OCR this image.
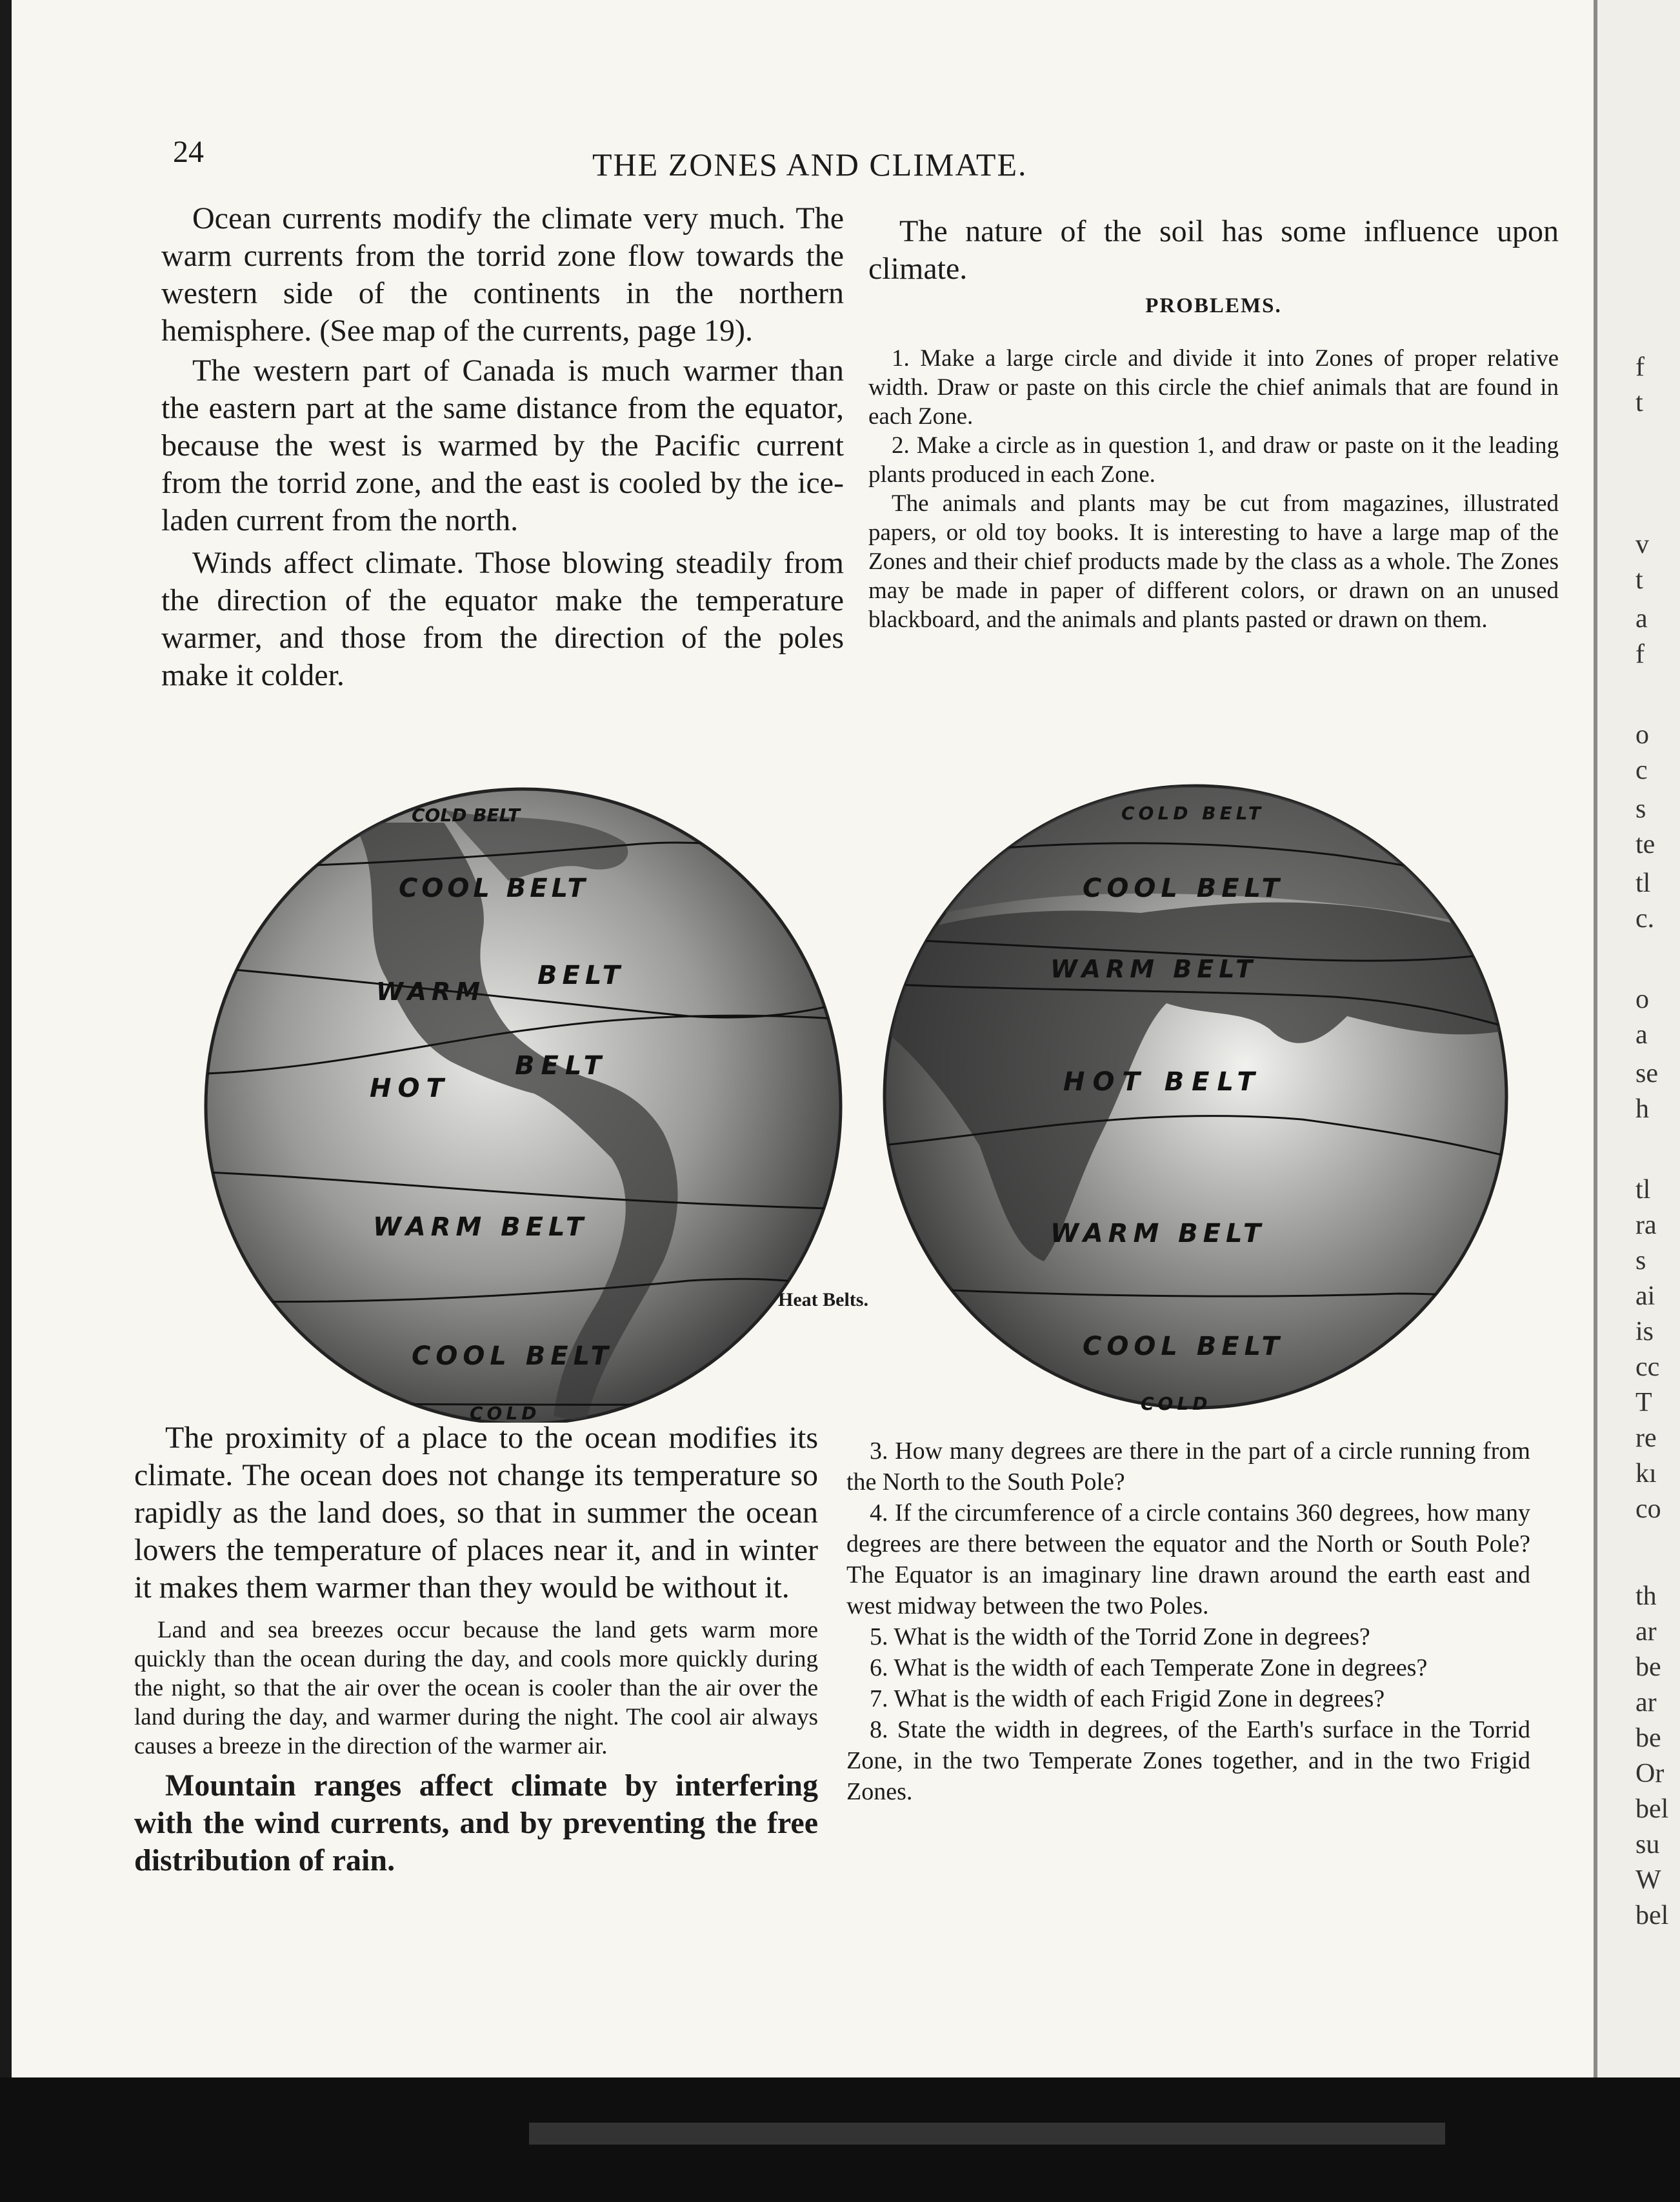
24	THE ZONES AND CLIMATE.

Ocean currents modify the climate very much. The warm currents from the torrid zone flow towards the western side of the continents in the northern hemisphere. (See map of the currents, page 19).

The western part of Canada is much warmer than the eastern part at the same distance from the equator, because the west is warmed by the Pacific current from the torrid zone, and the east is cooled by the ice-laden current from the north.

Winds affect climate. Those blowing steadily from the direction of the equator make the temperature warmer, and those from the direction of the poles make it colder.

The nature of the soil has some influence upon climate.

PROBLEMS.

1. Make a large circle and divide it into Zones of proper relative width. Draw or paste on this circle the chief animals that are found in each Zone.

2. Make a circle as in question 1, and draw or paste on it the leading plants produced in each Zone.

The animals and plants may be cut from magazines, illustrated papers, or old toy books. It is interesting to have a large map of the Zones and their chief products made by the class as a whole. The Zones may be made in paper of different colors, or drawn on an unused blackboard, and the animals and plants pasted or drawn on them.

COLD BELT
COOL BELT
WARM
BELT
HOT
BELT
WARM BELT
COOL BELT
COLD
COLD BELT
COOL BELT
WARM BELT
HOT BELT
WARM BELT
COOL BELT
COLD
Heat Belts.

The proximity of a place to the ocean modifies its climate. The ocean does not change its temperature so rapidly as the land does, so that in summer the ocean lowers the temperature of places near it, and in winter it makes them warmer than they would be without it.

Land and sea breezes occur because the land gets warm more quickly than the ocean during the day, and cools more quickly during the night, so that the air over the ocean is cooler than the air over the land during the day, and warmer during the night. The cool air always causes a breeze in the direction of the warmer air.

Mountain ranges affect climate by interfering with the wind currents, and by preventing the free distribution of rain.

3. How many degrees are there in the part of a circle running from the North to the South Pole?

4. If the circumference of a circle contains 360 degrees, how many degrees are there between the equator and the North or South Pole? The Equator is an imaginary line drawn around the earth east and west midway between the two Poles.

5. What is the width of the Torrid Zone in degrees?

6. What is the width of each Temperate Zone in degrees?

7. What is the width of each Frigid Zone in degrees?

8. State the width in degrees, of the Earth's surface in the Torrid Zone, in the two Temperate Zones together, and in the two Frigid Zones.

f
t
v
t
a
f
o
c
s
te
tl
c.
o
a
se
h
tl
ra
s
ai
is
cc
T
re
kı
co
th
ar
be
ar
be
Or
bel
su
W
bel
